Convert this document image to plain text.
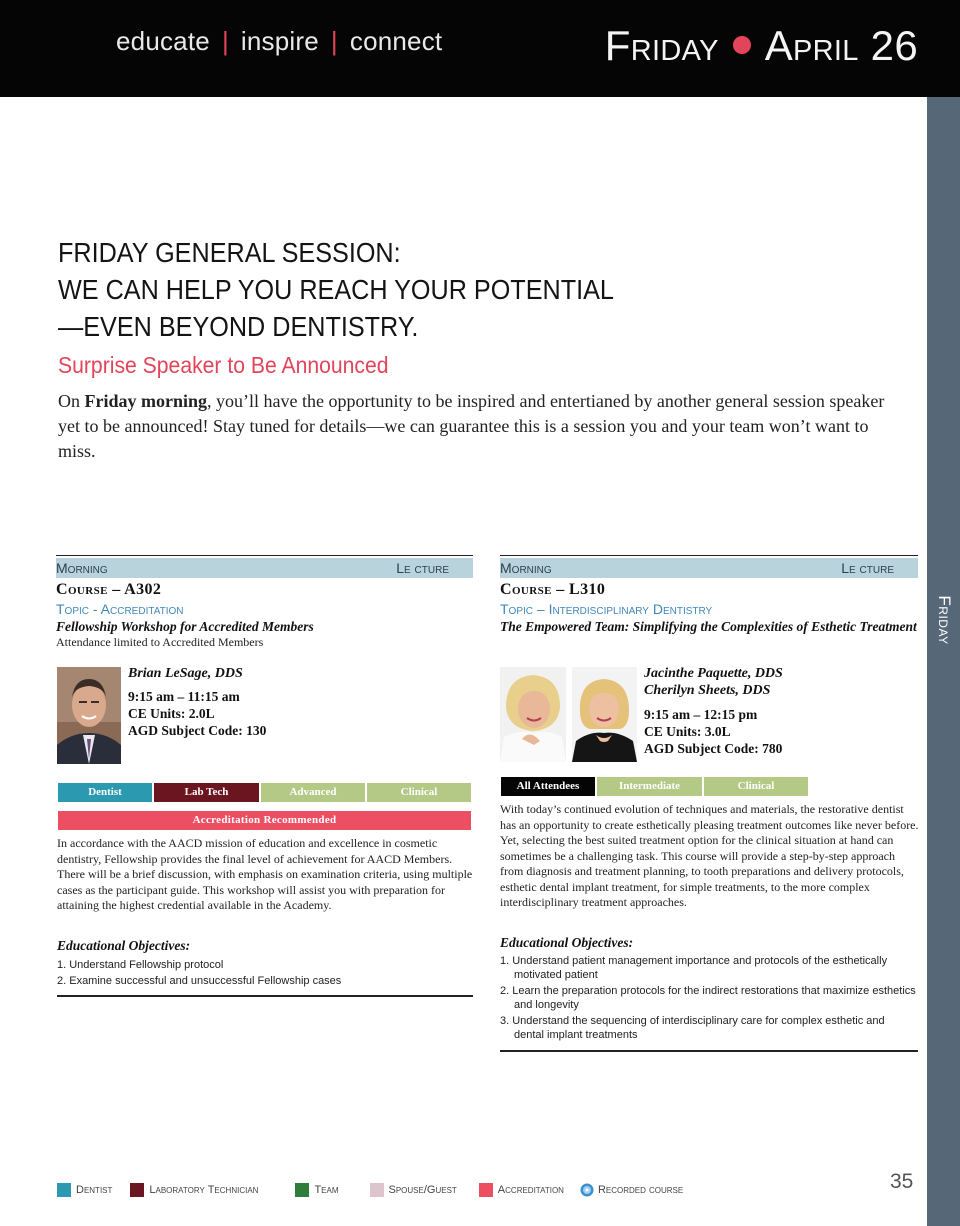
educate | inspire | connect	Friday April 26
Friday
FRIDAY GENERAL SESSION:
WE CAN HELP YOU REACH YOUR POTENTIAL
—EVEN BEYOND DENTISTRY.
Surprise Speaker to Be Announced

On Friday morning, you’ll have the opportunity to be inspired and entertianed by another general session speaker yet to be announced! Stay tuned for details—we can guarantee this is a session you and your team won’t want to miss.

Morning	Le cture
Course – A302
Topic - Accreditation
Fellowship Workshop for Accredited Members
Attendance limited to Accredited Members
Brian LeSage, DDS
9:15 am – 11:15 am
CE Units: 2.0L
AGD Subject Code: 130
Dentist	Lab Tech	Advanced	Clinical
Accreditation Recommended

In accordance with the AACD mission of education and excellence in cosmetic dentistry, Fellowship provides the final level of achievement for AACD Members. There will be a brief discussion, with emphasis on examination criteria, using multiple cases as the participant guide. This workshop will assist you with preparation for attaining the highest credential available in the Academy.

Educational Objectives:
1. Understand Fellowship protocol
2. Examine successful and unsuccessful Fellowship cases
Morning	Le cture
Course – L310
Topic – Interdisciplinary Dentistry
The Empowered Team: Simplifying the Complexities of Esthetic Treatment
Jacinthe Paquette, DDS
Cherilyn Sheets, DDS
9:15 am – 12:15 pm
CE Units: 3.0L
AGD Subject Code: 780
All Attendees	Intermediate	Clinical

With today’s continued evolution of techniques and materials, the restorative dentist has an opportunity to create esthetically pleasing treatment outcomes like never before. Yet, selecting the best suited treatment option for the clinical situation at hand can sometimes be a challenging task. This course will provide a step-by-step approach from diagnosis and treatment planning, to tooth preparations and delivery protocols, esthetic dental implant treatment, for simple treatments, to the more complex interdisciplinary treatment approaches.

Educational Objectives:
1. Understand patient management importance and protocols of the esthetically motivated patient
2. Learn the preparation protocols for the indirect restorations that maximize esthetics and longevity
3. Understand the sequencing of interdisciplinary care for complex esthetic and dental implant treatments
Dentist	Laboratory Technician	Team	Spouse/Guest	Accreditation	Recorded course	35
